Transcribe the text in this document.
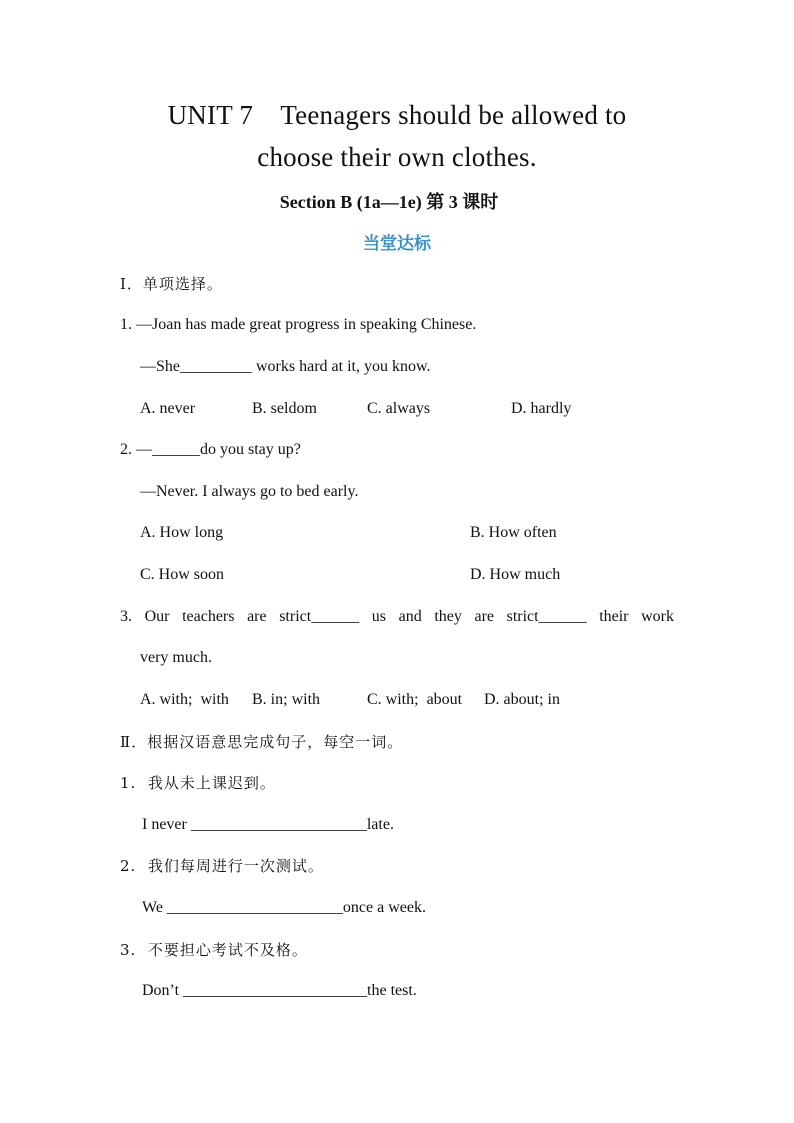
UNIT 7    Teenagers should be allowed to
choose their own clothes.
Section B (1a—1e) 第 3 课时
当堂达标
Ⅰ．单项选择。
1. —Joan has made great progress in speaking Chinese.
—She_________ works hard at it, you know.
A. never	B. seldom	C. always	D. hardly
2. —______do you stay up?
—Never. I always go to bed early.
A. How long	B. How often
C. How soon	D. How much
3. Our teachers are strict______ us and they are strict______ their work
very much.
A. with;  with B. in; with	C. with;  about D. about; in
Ⅱ．根据汉语意思完成句子，每空一词。
1.  我从未上课迟到。
I never ______________________late.
2.  我们每周进行一次测试。
We ______________________once a week.
3.  不要担心考试不及格。
Don’t _______________________the test.
